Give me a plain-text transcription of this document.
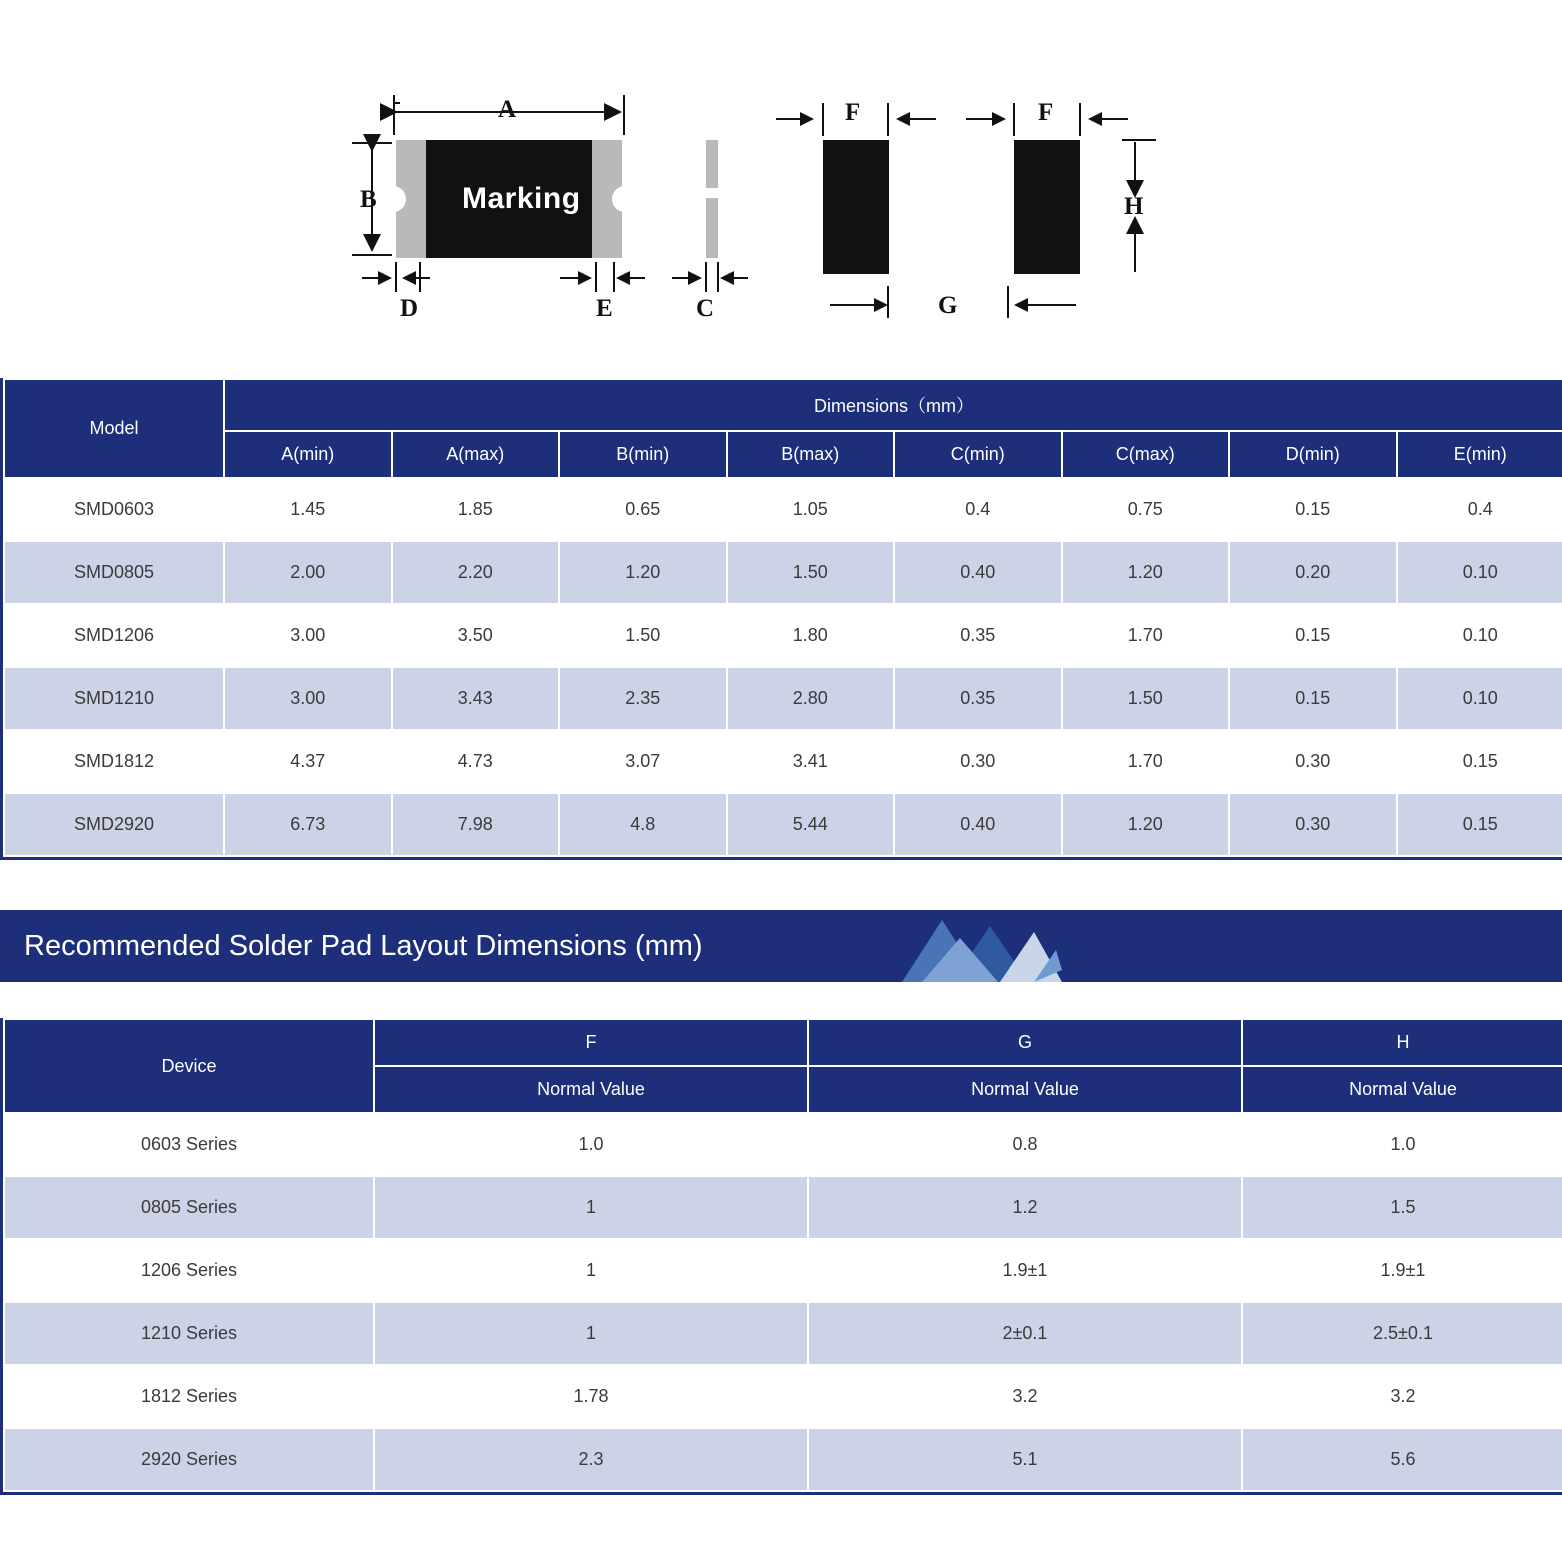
Marking
A
B
D	E	C
F	F
G
H
Model	Dimensions（mm）							
	A(min)	A(max)	B(min)	B(max)	C(min)	C(max)	D(min)	E(min)
SMD0603	1.45	1.85	0.65	1.05	0.4	0.75	0.15	0.4
SMD0805	2.00	2.20	1.20	1.50	0.40	1.20	0.20	0.10
SMD1206	3.00	3.50	1.50	1.80	0.35	1.70	0.15	0.10
SMD1210	3.00	3.43	2.35	2.80	0.35	1.50	0.15	0.10
SMD1812	4.37	4.73	3.07	3.41	0.30	1.70	0.30	0.15
SMD2920	6.73	7.98	4.8	5.44	0.40	1.20	0.30	0.15
Recommended Solder Pad Layout Dimensions (mm)
Device	F	G	H
	Normal Value	Normal Value	Normal Value
0603 Series	1.0	0.8	1.0
0805 Series	1	1.2	1.5
1206 Series	1	1.9±1	1.9±1
1210 Series	1	2±0.1	2.5±0.1
1812 Series	1.78	3.2	3.2
2920 Series	2.3	5.1	5.6
